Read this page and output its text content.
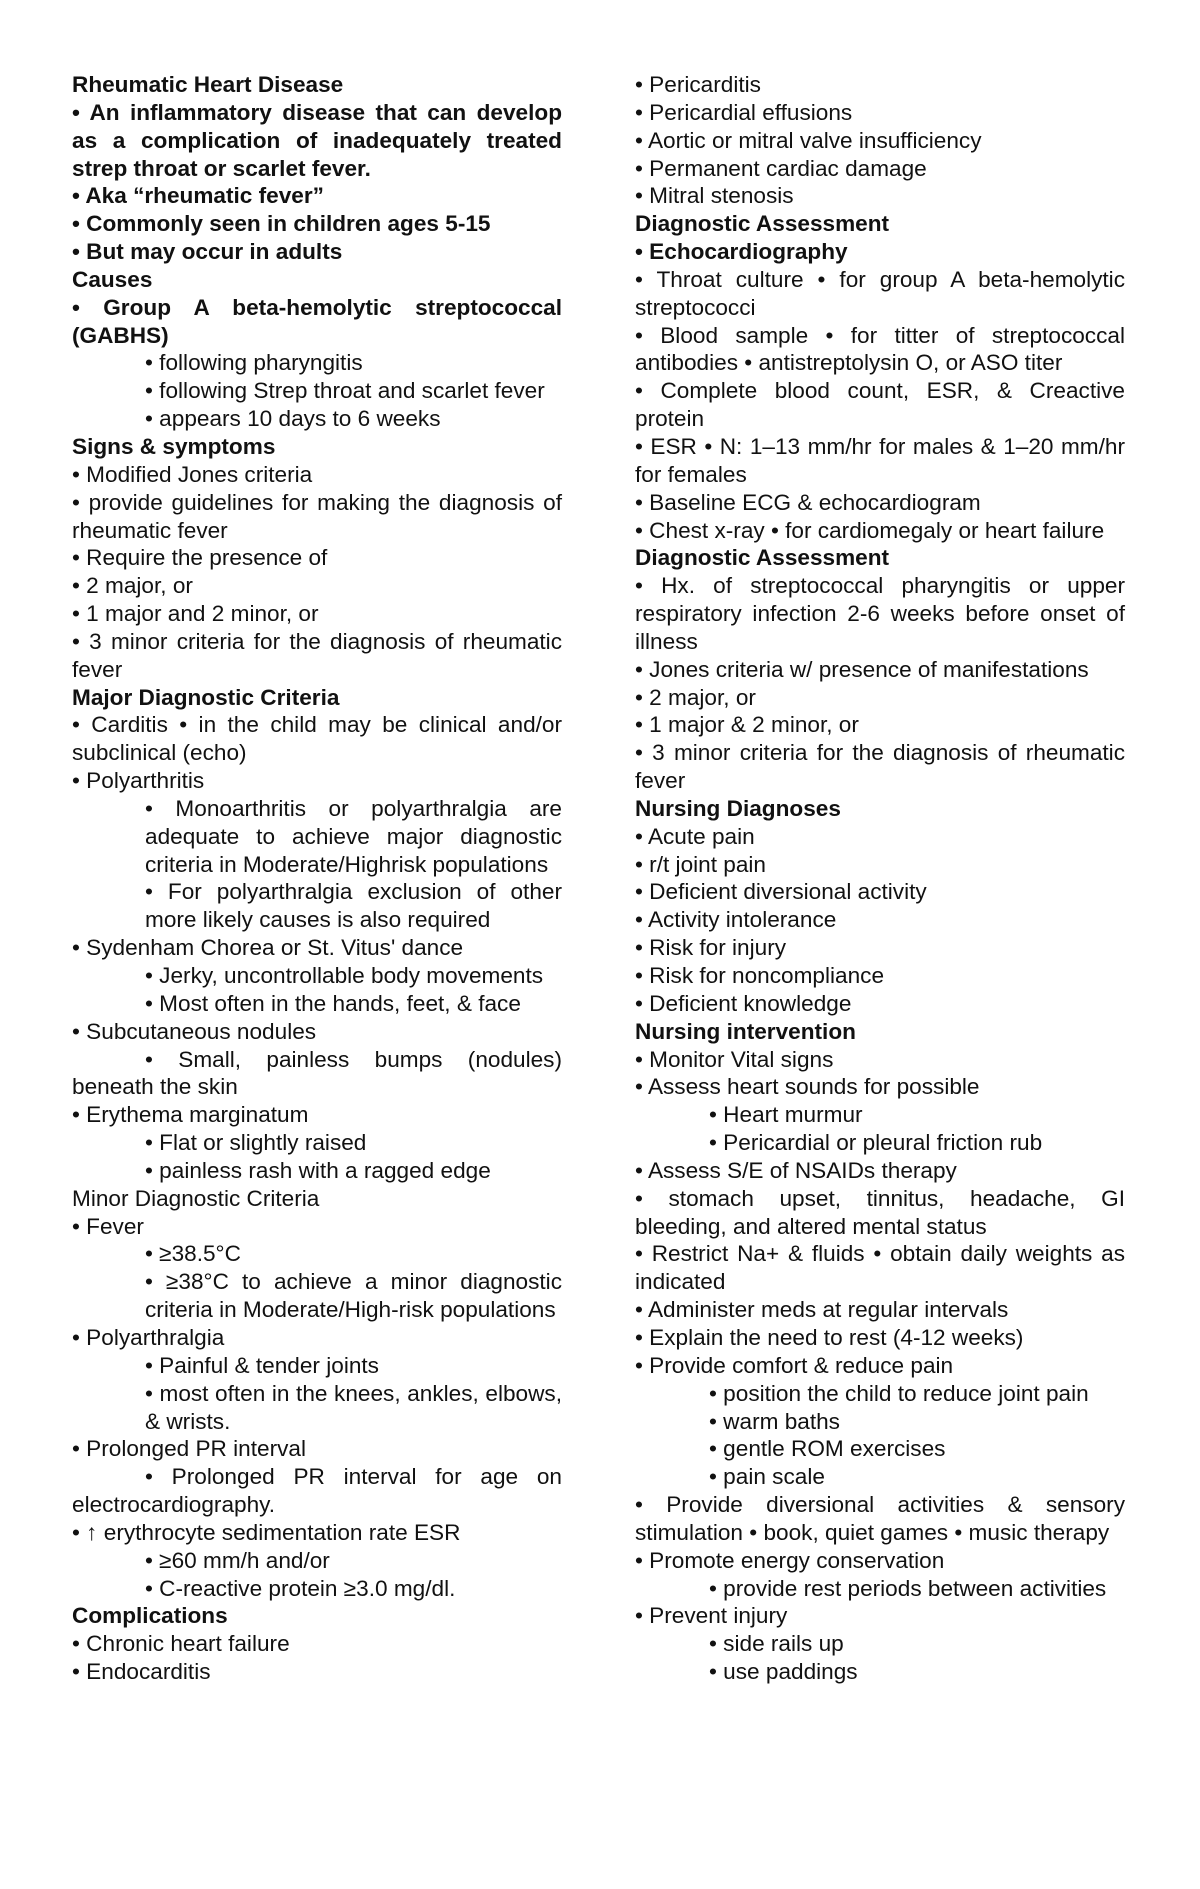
Rheumatic Heart Disease
• An inflammatory disease that can develop as a complication of inadequately treated strep throat or scarlet fever.
• Aka “rheumatic fever”
• Commonly seen in children ages 5-15
• But may occur in adults
Causes
• Group A beta-hemolytic streptococcal (GABHS)
• following pharyngitis
• following Strep throat and scarlet fever
• appears 10 days to 6 weeks
Signs & symptoms
• Modified Jones criteria
• provide guidelines for making the diagnosis of rheumatic fever
• Require the presence of
• 2 major, or
• 1 major and 2 minor, or
• 3 minor criteria for the diagnosis of rheumatic fever
Major Diagnostic Criteria
• Carditis • in the child may be clinical and/or subclinical (echo)
• Polyarthritis
• Monoarthritis or polyarthralgia are adequate to achieve major diagnostic criteria in Moderate/Highrisk populations
• For polyarthralgia exclusion of other more likely causes is also required
• Sydenham Chorea or St. Vitus' dance
• Jerky, uncontrollable body movements
• Most often in the hands, feet, & face
• Subcutaneous nodules
• Small, painless bumps (nodules) beneath the skin
• Erythema marginatum
• Flat or slightly raised
• painless rash with a ragged edge
Minor Diagnostic Criteria
• Fever
• ≥38.5°C
• ≥38°C to achieve a minor diagnostic criteria in Moderate/High-risk populations
• Polyarthralgia
• Painful & tender joints
• most often in the knees, ankles, elbows, & wrists.
• Prolonged PR interval
• Prolonged PR interval for age on electrocardiography.
• ↑ erythrocyte sedimentation rate ESR
• ≥60 mm/h and/or
• C-reactive protein ≥3.0 mg/dl.
Complications
• Chronic heart failure
• Endocarditis
• Pericarditis
• Pericardial effusions
• Aortic or mitral valve insufficiency
• Permanent cardiac damage
• Mitral stenosis
Diagnostic Assessment
• Echocardiography
• Throat culture • for group A beta-hemolytic streptococci
• Blood sample • for titter of streptococcal antibodies • antistreptolysin O, or ASO titer
• Complete blood count, ESR, & Creactive protein
• ESR • N: 1–13 mm/hr for males & 1–20 mm/hr for females
• Baseline ECG & echocardiogram
• Chest x-ray • for cardiomegaly or heart failure
Diagnostic Assessment
• Hx. of streptococcal pharyngitis or upper respiratory infection 2-6 weeks before onset of illness
• Jones criteria w/ presence of manifestations
• 2 major, or
• 1 major & 2 minor, or
• 3 minor criteria for the diagnosis of rheumatic fever
Nursing Diagnoses
• Acute pain
• r/t joint pain
• Deficient diversional activity
• Activity intolerance
• Risk for injury
• Risk for noncompliance
• Deficient knowledge
Nursing intervention
• Monitor Vital signs
• Assess heart sounds for possible
• Heart murmur
• Pericardial or pleural friction rub
• Assess S/E of NSAIDs therapy
• stomach upset, tinnitus, headache, GI bleeding, and altered mental status
• Restrict Na+ & fluids • obtain daily weights as indicated
• Administer meds at regular intervals
• Explain the need to rest (4-12 weeks)
• Provide comfort & reduce pain
• position the child to reduce joint pain
• warm baths
• gentle ROM exercises
• pain scale
• Provide diversional activities & sensory stimulation • book, quiet games • music therapy
• Promote energy conservation
• provide rest periods between activities
• Prevent injury
• side rails up
• use paddings
